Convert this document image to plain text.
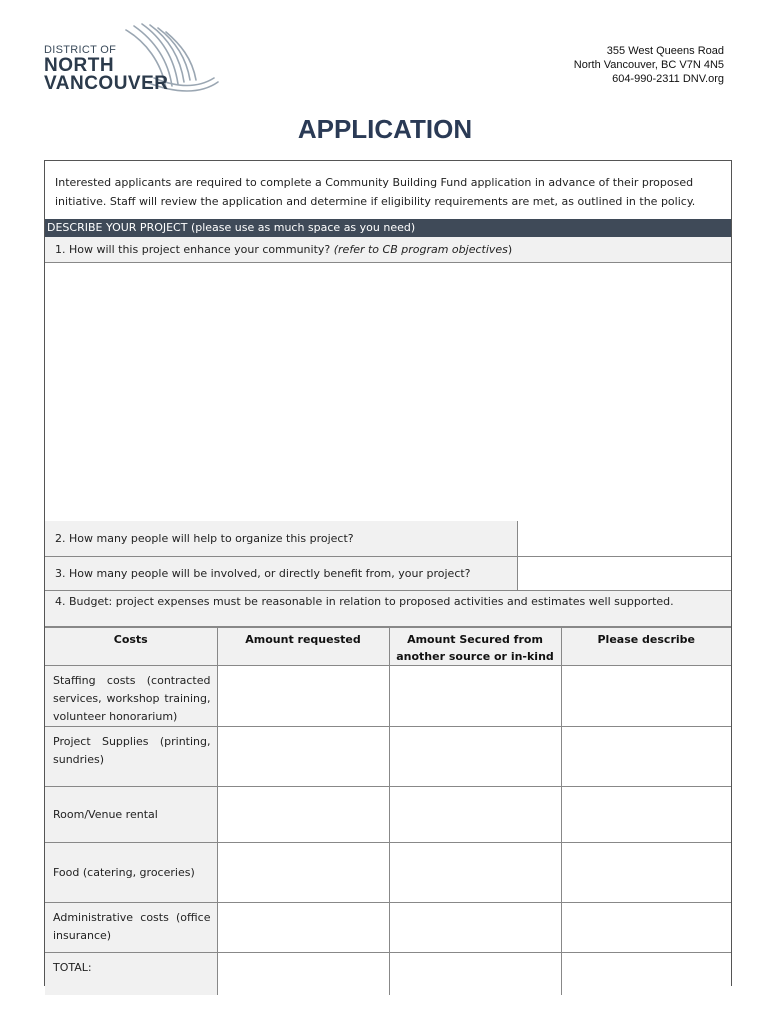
DISTRICT OF
NORTH
VANCOUVER
355 West Queens Road
North Vancouver, BC V7N 4N5
604-990-2311 DNV.org
APPLICATION
Interested applicants are required to complete a Community Building Fund application in advance of their proposed initiative. Staff will review the application and determine if eligibility requirements are met, as outlined in the policy.
DESCRIBE YOUR PROJECT (please use as much space as you need)
1. How will this project enhance your community? (refer to CB program objectives)
2. How many people will help to organize this project?
3. How many people will be involved, or directly benefit from, your project?
4. Budget: project expenses must be reasonable in relation to proposed activities and estimates well supported.
Costs	Amount requested	Amount Secured from another source or in-kind	Please describe
Staffing costs (contracted services, workshop training, volunteer honorarium)			
Project Supplies (printing, sundries)			
Room/Venue rental			
Food (catering, groceries)			
Administrative costs (office insurance)			
TOTAL:			
